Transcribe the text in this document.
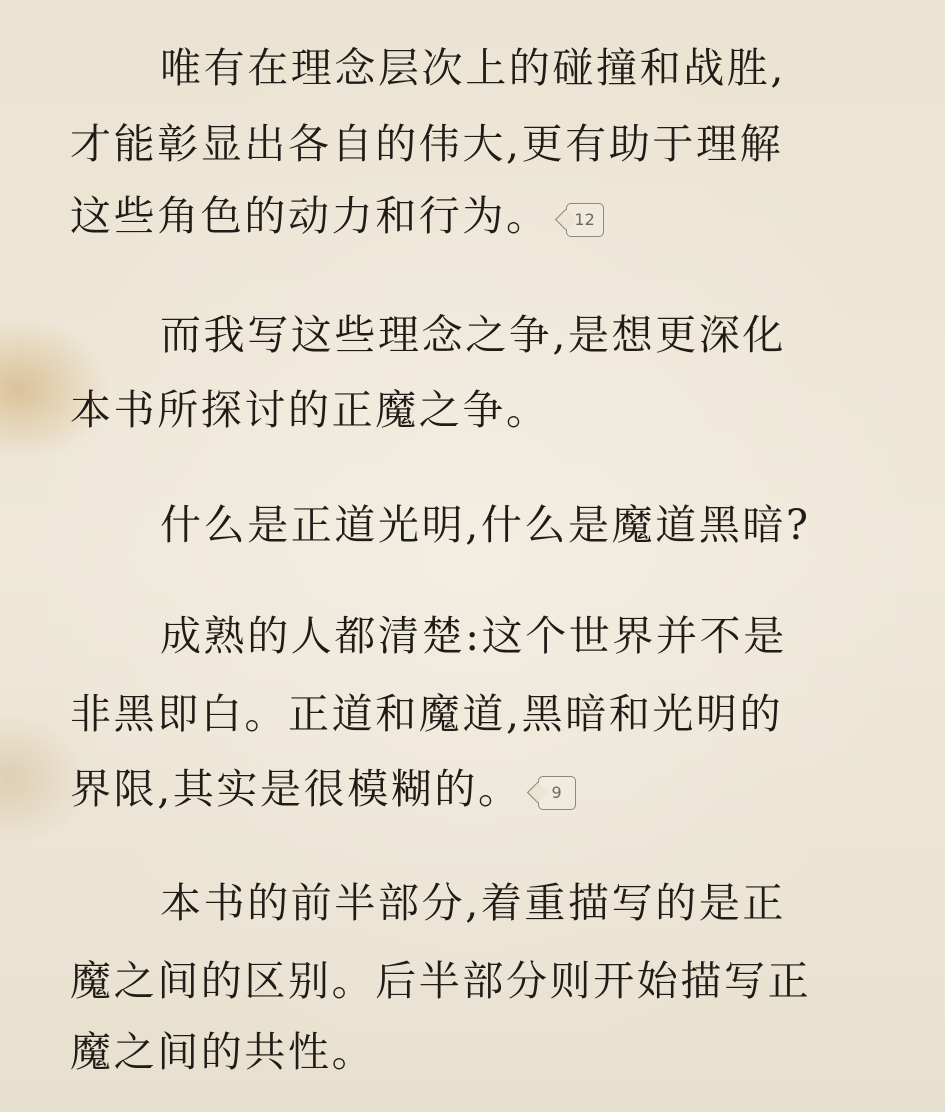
唯有在理念层次上的碰撞和战胜,
才能彰显出各自的伟大,更有助于理解
这些角色的动力和行为。 12
而我写这些理念之争,是想更深化
本书所探讨的正魔之争。
什么是正道光明,什么是魔道黑暗?
成熟的人都清楚:这个世界并不是
非黑即白。正道和魔道,黑暗和光明的
界限,其实是很模糊的。 9
本书的前半部分,着重描写的是正
魔之间的区别。后半部分则开始描写正
魔之间的共性。
